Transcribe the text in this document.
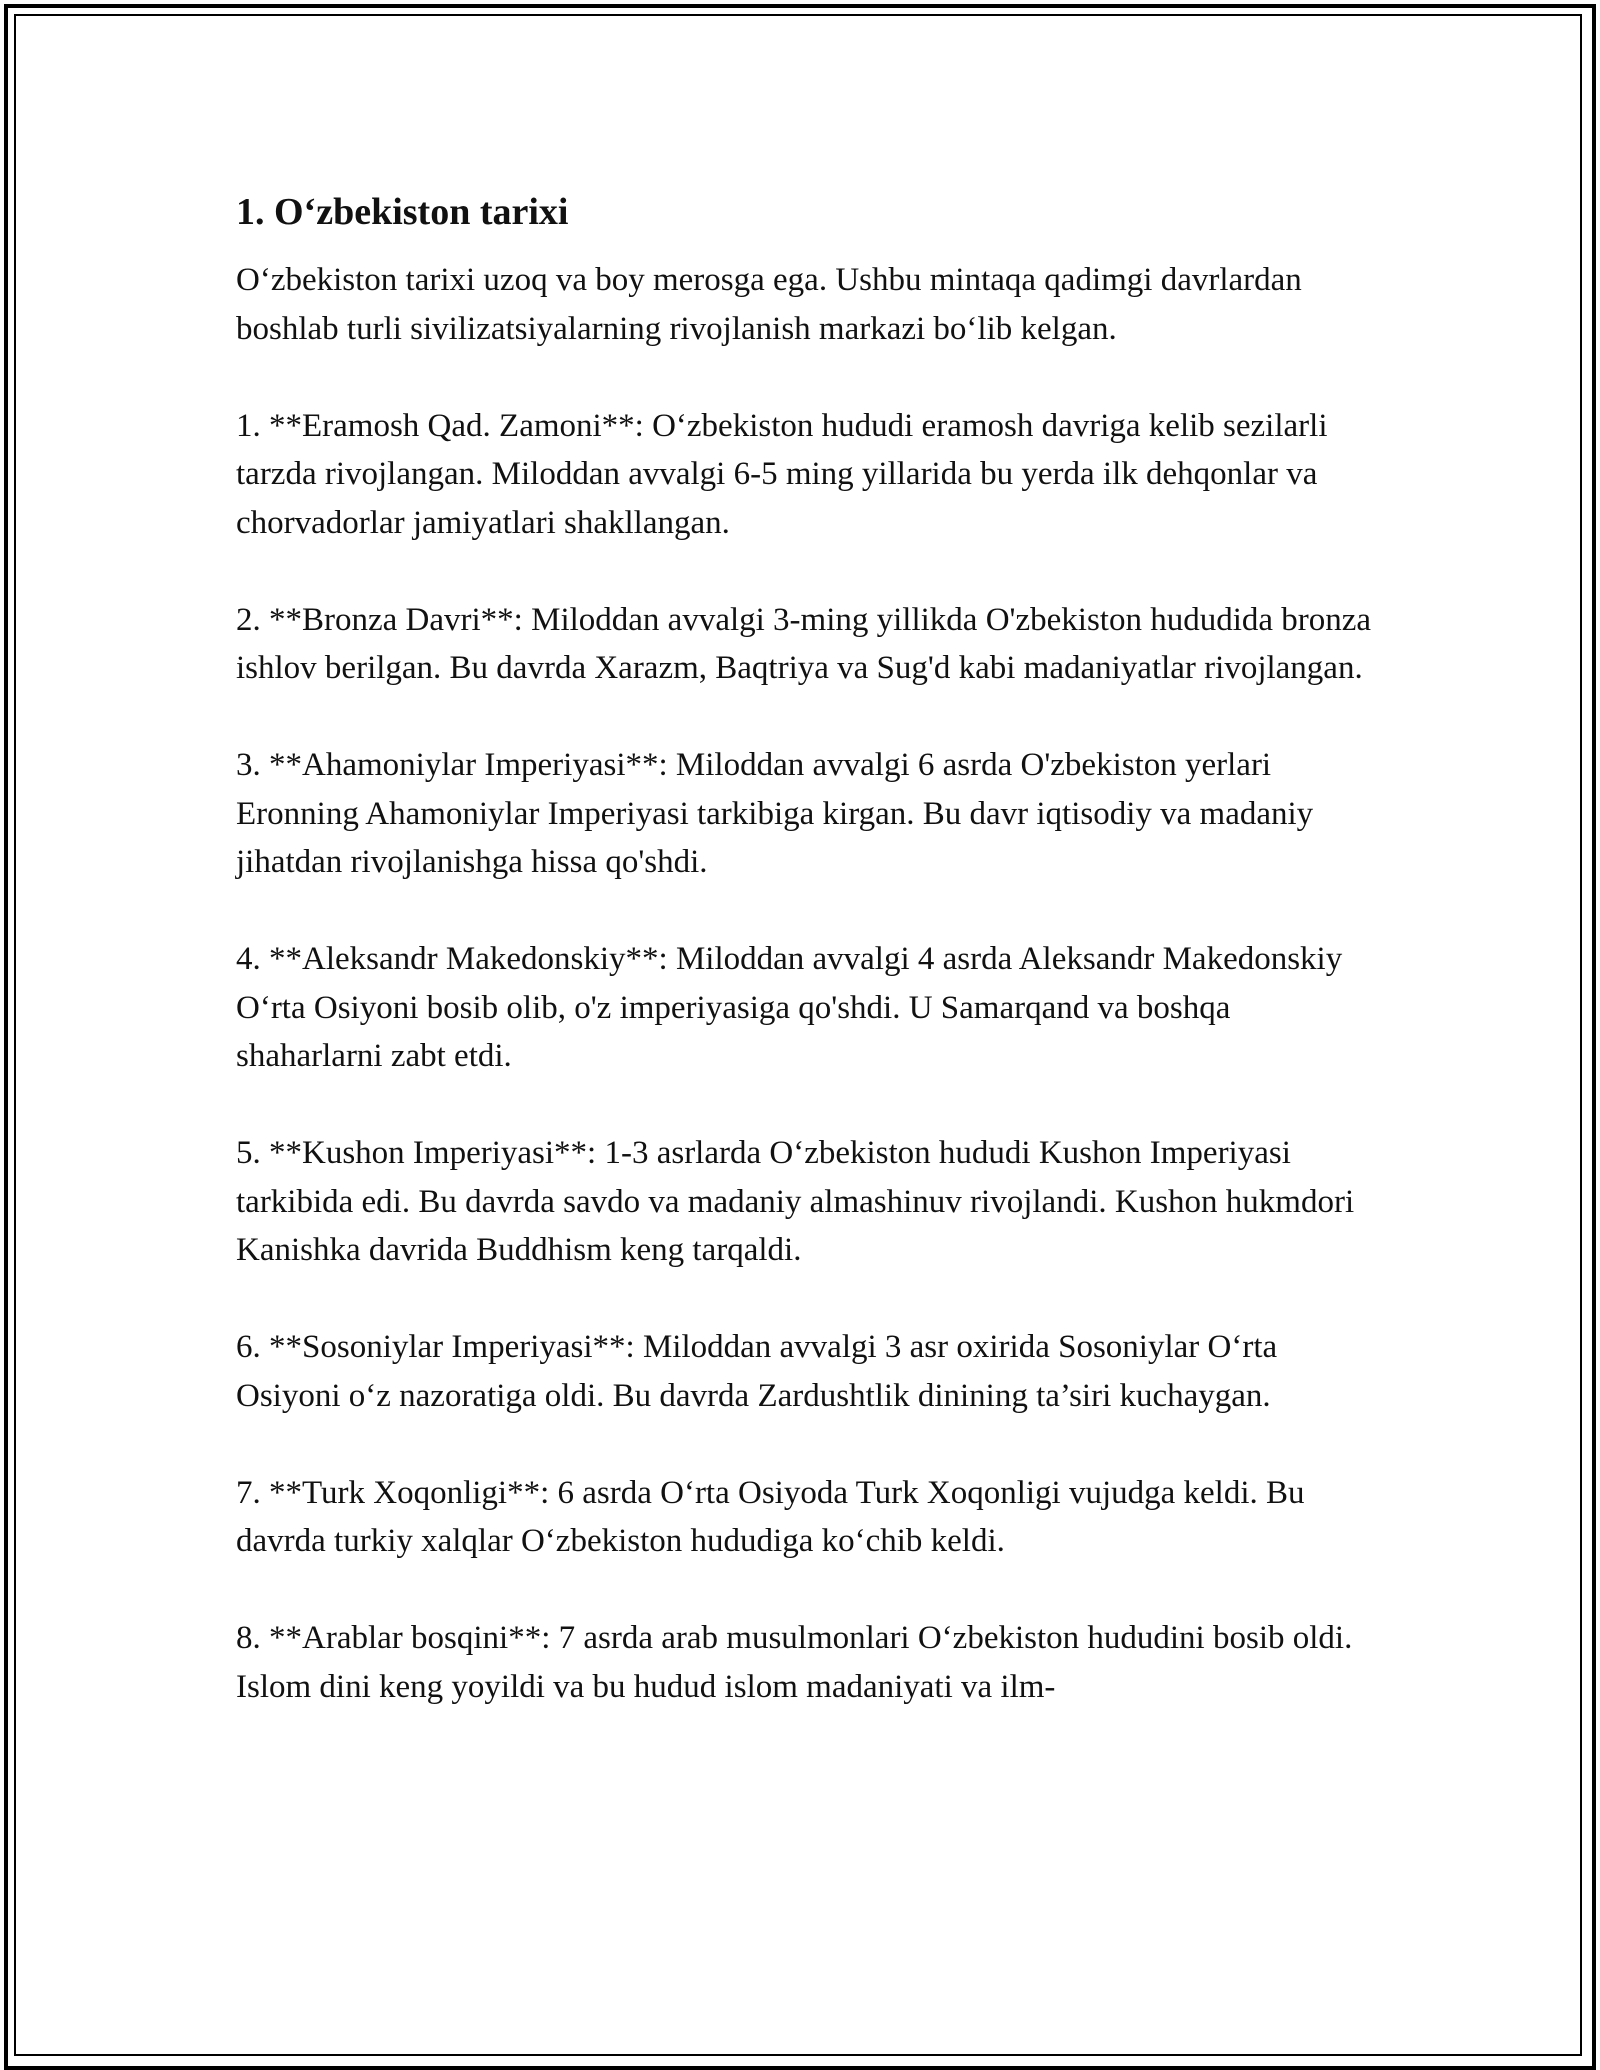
1. O‘zbekiston tarixi

O‘zbekiston tarixi uzoq va boy merosga ega. Ushbu mintaqa qadimgi davrlardan boshlab turli sivilizatsiyalarning rivojlanish markazi bo‘lib kelgan.

1. **Eramosh Qad. Zamoni**: O‘zbekiston hududi eramosh davriga kelib sezilarli tarzda rivojlangan. Miloddan avvalgi 6-5 ming yillarida bu yerda ilk dehqonlar va chorvadorlar jamiyatlari shakllangan.

2. **Bronza Davri**: Miloddan avvalgi 3-ming yillikda O'zbekiston hududida bronza ishlov berilgan. Bu davrda Xarazm, Baqtriya va Sug'd kabi madaniyatlar rivojlangan.

3. **Ahamoniylar Imperiyasi**: Miloddan avvalgi 6 asrda O'zbekiston yerlari Eronning Ahamoniylar Imperiyasi tarkibiga kirgan. Bu davr iqtisodiy va madaniy jihatdan rivojlanishga hissa qo'shdi.

4. **Aleksandr Makedonskiy**: Miloddan avvalgi 4 asrda Aleksandr Makedonskiy O‘rta Osiyoni bosib olib, o'z imperiyasiga qo'shdi. U Samarqand va boshqa shaharlarni zabt etdi.

5. **Kushon Imperiyasi**: 1-3 asrlarda O‘zbekiston hududi Kushon Imperiyasi tarkibida edi. Bu davrda savdo va madaniy almashinuv rivojlandi. Kushon hukmdori Kanishka davrida Buddhism keng tarqaldi.

6. **Sosoniylar Imperiyasi**: Miloddan avvalgi 3 asr oxirida Sosoniylar O‘rta Osiyoni o‘z nazoratiga oldi. Bu davrda Zardushtlik dinining ta’siri kuchaygan.

7. **Turk Xoqonligi**: 6 asrda O‘rta Osiyoda Turk Xoqonligi vujudga keldi. Bu davrda turkiy xalqlar O‘zbekiston hududiga ko‘chib keldi.

8. **Arablar bosqini**: 7 asrda arab musulmonlari O‘zbekiston hududini bosib oldi. Islom dini keng yoyildi va bu hudud islom madaniyati va ilm-
